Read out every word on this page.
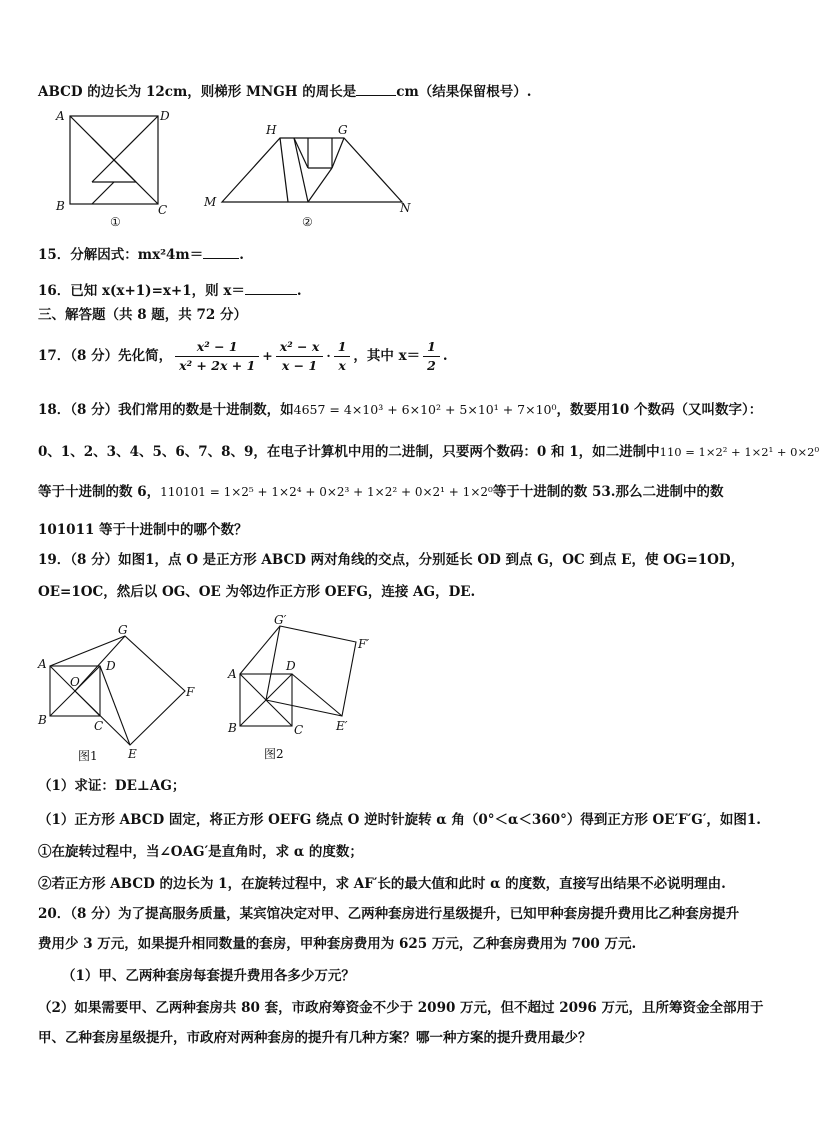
ABCD 的边长为 12cm，则梯形 MNGH 的周长是	cm（结果保留根号）.
A	D
B	C
①
H	G
M	N
②
15．分解因式：mx²4m＝	.
16．已知 x(x+1)=x+1，则 x＝	.
三、解答题（共 8 题，共 72 分）
17．（8 分）先化简， $\frac{\text{x² − 1}}{\text{x² + 2x + 1}} + \frac{\text{x² − x}}{x - 1} \cdot \frac{1}{x}$ ，其中 $x= \frac{1}{2}$ .
18．（8 分）我们常用的数是十进制数，如4657 = 4×10³ + 6×10² + 5×10¹ + 7×10⁰，数要用10 个数码（又叫数字）：
0、1、2、3、4、5、6、7、8、9，在电子计算机中用的二进制，只要两个数码：0 和 1，如二进制中110 = 1×2² + 1×2¹ + 0×2⁰
等于十进制的数 6，110101 = 1×2⁵ + 1×2⁴ + 0×2³ + 1×2² + 0×2¹ + 1×2⁰等于十进制的数 53.那么二进制中的数
101011 等于十进制中的哪个数？
19．（8 分）如图1，点 O 是正方形 ABCD 两对角线的交点，分别延长 OD 到点 G，OC 到点 E，使 OG=1OD，
OE=1OC，然后以 OG、OE 为邻边作正方形 OEFG，连接 AG，DE.
A
B	C
D
O
G
F
E
图1
A
B	C
D
G′
F′
E′
图2
（1）求证：DE⊥AG；
（1）正方形 ABCD 固定，将正方形 OEFG 绕点 O 逆时针旋转 α 角（0°＜α＜360°）得到正方形 OE′F′G′，如图1.
①在旋转过程中，当∠OAG′是直角时，求 α 的度数；
②若正方形 ABCD 的边长为 1，在旋转过程中，求 AF′长的最大值和此时 α 的度数，直接写出结果不必说明理由.
20．（8 分）为了提高服务质量，某宾馆决定对甲、乙两种套房进行星级提升，已知甲种套房提升费用比乙种套房提升
费用少 3 万元，如果提升相同数量的套房，甲种套房费用为 625 万元，乙种套房费用为 700 万元.
（1）甲、乙两种套房每套提升费用各多少万元？
（2）如果需要甲、乙两种套房共 80 套，市政府筹资金不少于 2090 万元，但不超过 2096 万元，且所筹资金全部用于
甲、乙种套房星级提升，市政府对两种套房的提升有几种方案？哪一种方案的提升费用最少？
